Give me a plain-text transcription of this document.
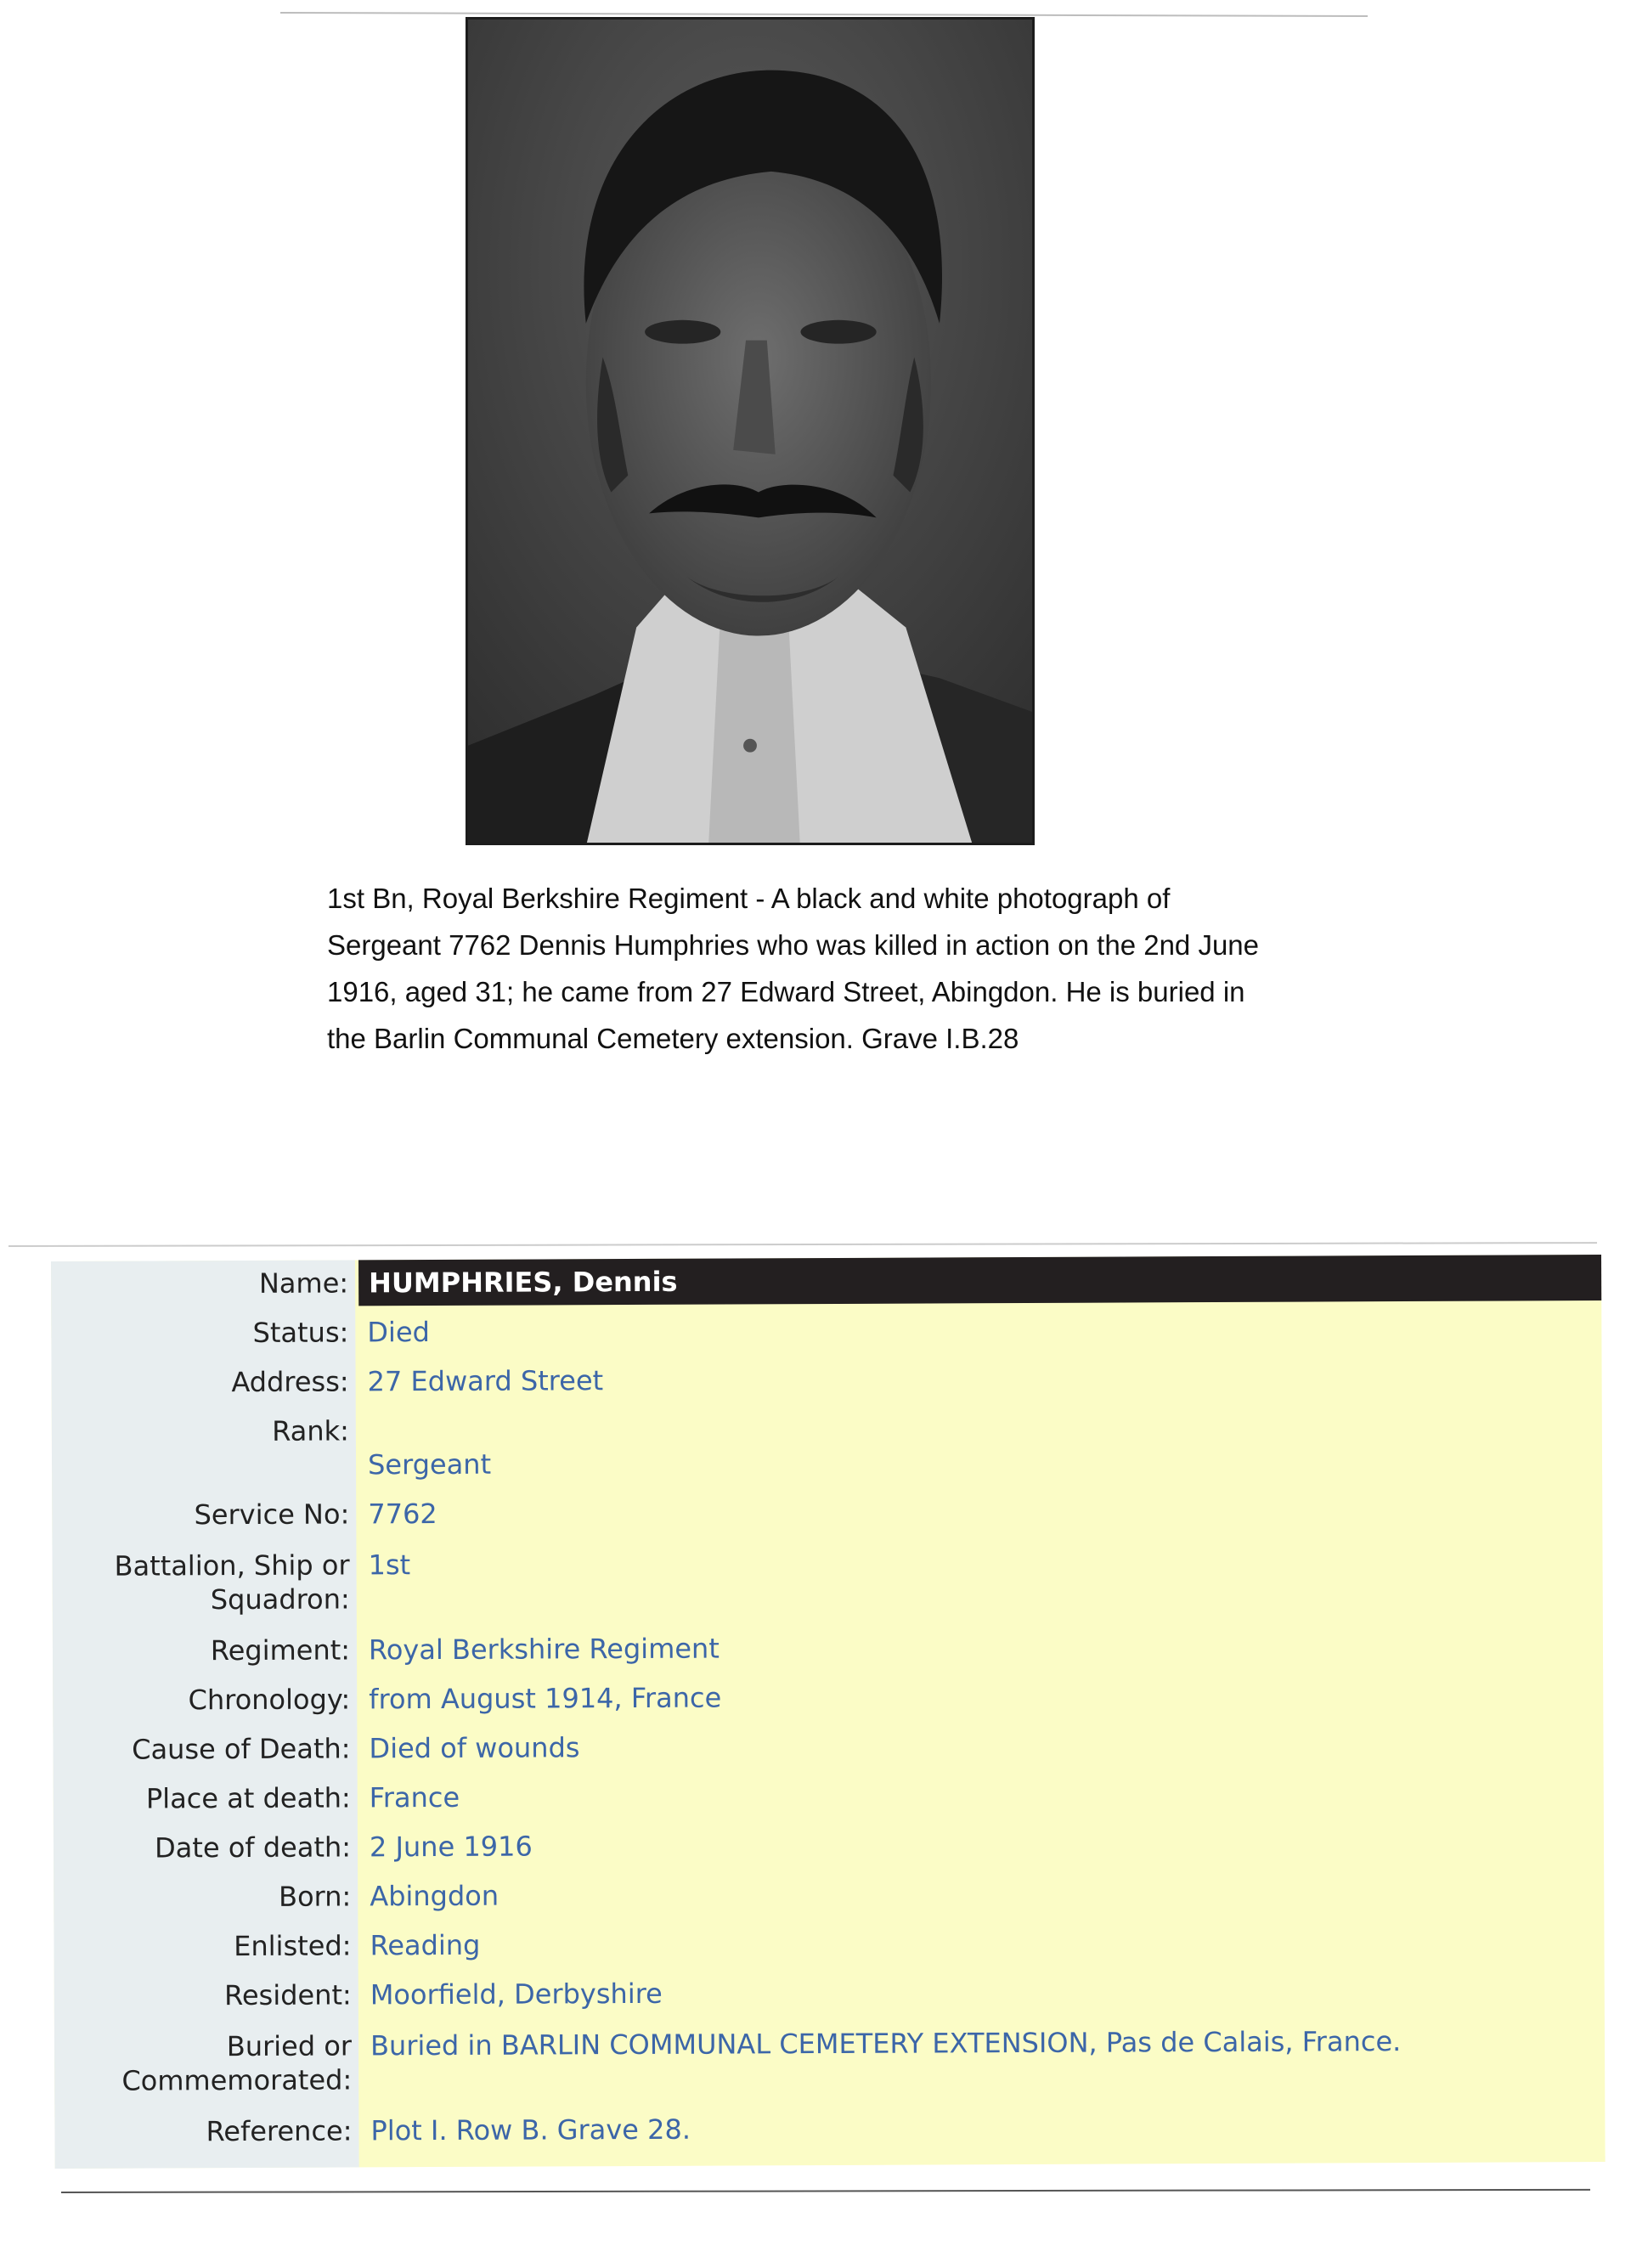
1st Bn, Royal Berkshire Regiment - A black and white photograph of

Sergeant 7762 Dennis Humphries who was killed in action on the 2nd June

1916, aged 31; he came from 27 Edward Street, Abingdon. He is buried in

the Barlin Communal Cemetery extension. Grave I.B.28

Name: HUMPHRIES, Dennis
Status: Died
Address: 27 Edward Street
Rank:
Sergeant
Service No: 7762
Battalion, Ship or 1st
Squadron:
Regiment: Royal Berkshire Regiment
Chronology: from August 1914, France
Cause of Death: Died of wounds
Place at death: France
Date of death: 2 June 1916
Born: Abingdon
Enlisted: Reading
Resident: Moorfield, Derbyshire
Buried or Buried in BARLIN COMMUNAL CEMETERY EXTENSION, Pas de Calais, France.
Commemorated:
Reference: Plot I. Row B. Grave 28.
